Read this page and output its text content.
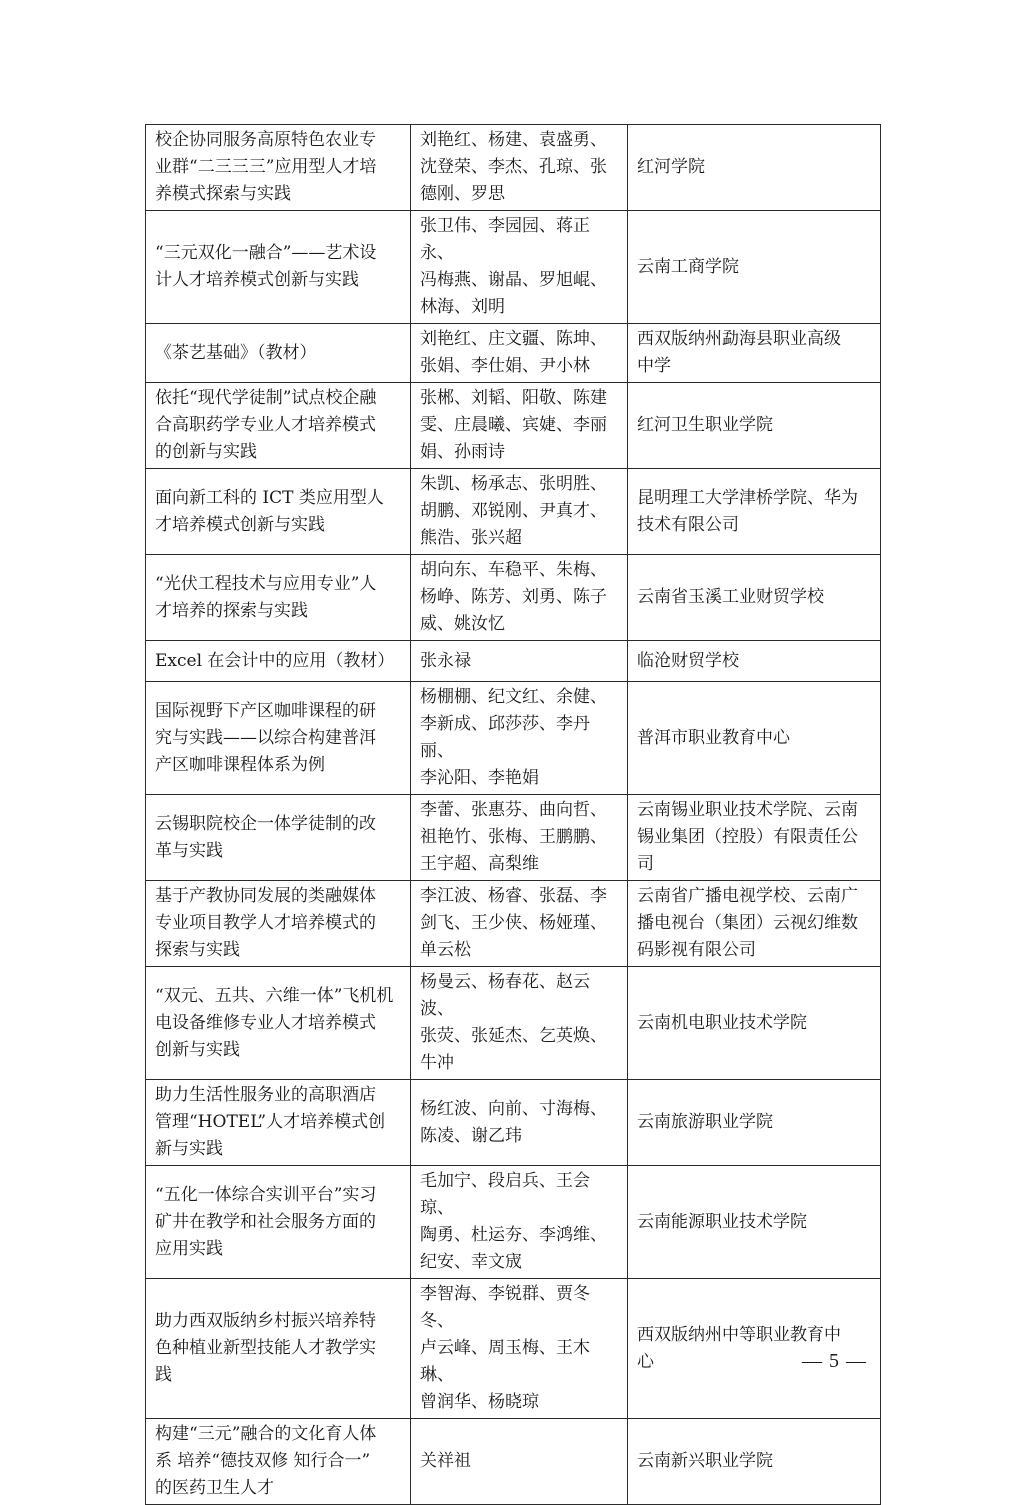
校企协同服务高原特色农业专
业群“二三三三”应用型人才培
养模式探索与实践	刘艳红、杨建、袁盛勇、
沈登荣、李杰、孔琼、张
德刚、罗思	红河学院
“三元双化一融合”——艺术设
计人才培养模式创新与实践	张卫伟、李园园、蒋正永、
冯梅燕、谢晶、罗旭崐、
林海、刘明	云南工商学院
《茶艺基础》（教材）	刘艳红、庄文疆、陈坤、
张娟、李仕娟、尹小林	西双版纳州勐海县职业高级
中学
依托“现代学徒制”试点校企融
合高职药学专业人才培养模式
的创新与实践	张郴、刘韬、阳敬、陈建
雯、庄晨曦、宾婕、李丽
娟、孙雨诗	红河卫生职业学院
面向新工科的 ICT 类应用型人
才培养模式创新与实践	朱凯、杨承志、张明胜、
胡鹏、邓锐刚、尹真才、
熊浩、张兴超	昆明理工大学津桥学院、华为
技术有限公司
“光伏工程技术与应用专业”人
才培养的探索与实践	胡向东、车稳平、朱梅、
杨峥、陈芳、刘勇、陈子
威、姚汝忆	云南省玉溪工业财贸学校
Excel 在会计中的应用（教材）	张永禄	临沧财贸学校
国际视野下产区咖啡课程的研
究与实践——以综合构建普洱
产区咖啡课程体系为例	杨棚棚、纪文红、余健、
李新成、邱莎莎、李丹丽、
李沁阳、李艳娟	普洱市职业教育中心
云锡职院校企一体学徒制的改
革与实践	李蕾、张惠芬、曲向哲、
祖艳竹、张梅、王鹏鹏、
王宇超、高梨维	云南锡业职业技术学院、云南
锡业集团（控股）有限责任公
司
基于产教协同发展的类融媒体
专业项目教学人才培养模式的
探索与实践	李江波、杨睿、张磊、李
剑飞、王少侠、杨娅瑾、
单云松	云南省广播电视学校、云南广
播电视台（集团）云视幻维数
码影视有限公司
“双元、五共、六维一体”飞机机
电设备维修专业人才培养模式
创新与实践	杨曼云、杨春花、赵云波、
张荧、张延杰、乞英焕、
牛冲	云南机电职业技术学院
助力生活性服务业的高职酒店
管理“HOTEL”人才培养模式创
新与实践	杨红波、向前、寸海梅、
陈凌、谢乙玮	云南旅游职业学院
“五化一体综合实训平台”实习
矿井在教学和社会服务方面的
应用实践	毛加宁、段启兵、王会琼、
陶勇、杜运夯、李鸿维、
纪安、幸文宬	云南能源职业技术学院
助力西双版纳乡村振兴培养特
色种植业新型技能人才教学实
践	李智海、李锐群、贾冬冬、
卢云峰、周玉梅、王木琳、
曾润华、杨晓琼	西双版纳州中等职业教育中
心
构建“三元”融合的文化育人体
系 培养“德技双修 知行合一”
的医药卫生人才	关祥祖	云南新兴职业学院
— 5 —
